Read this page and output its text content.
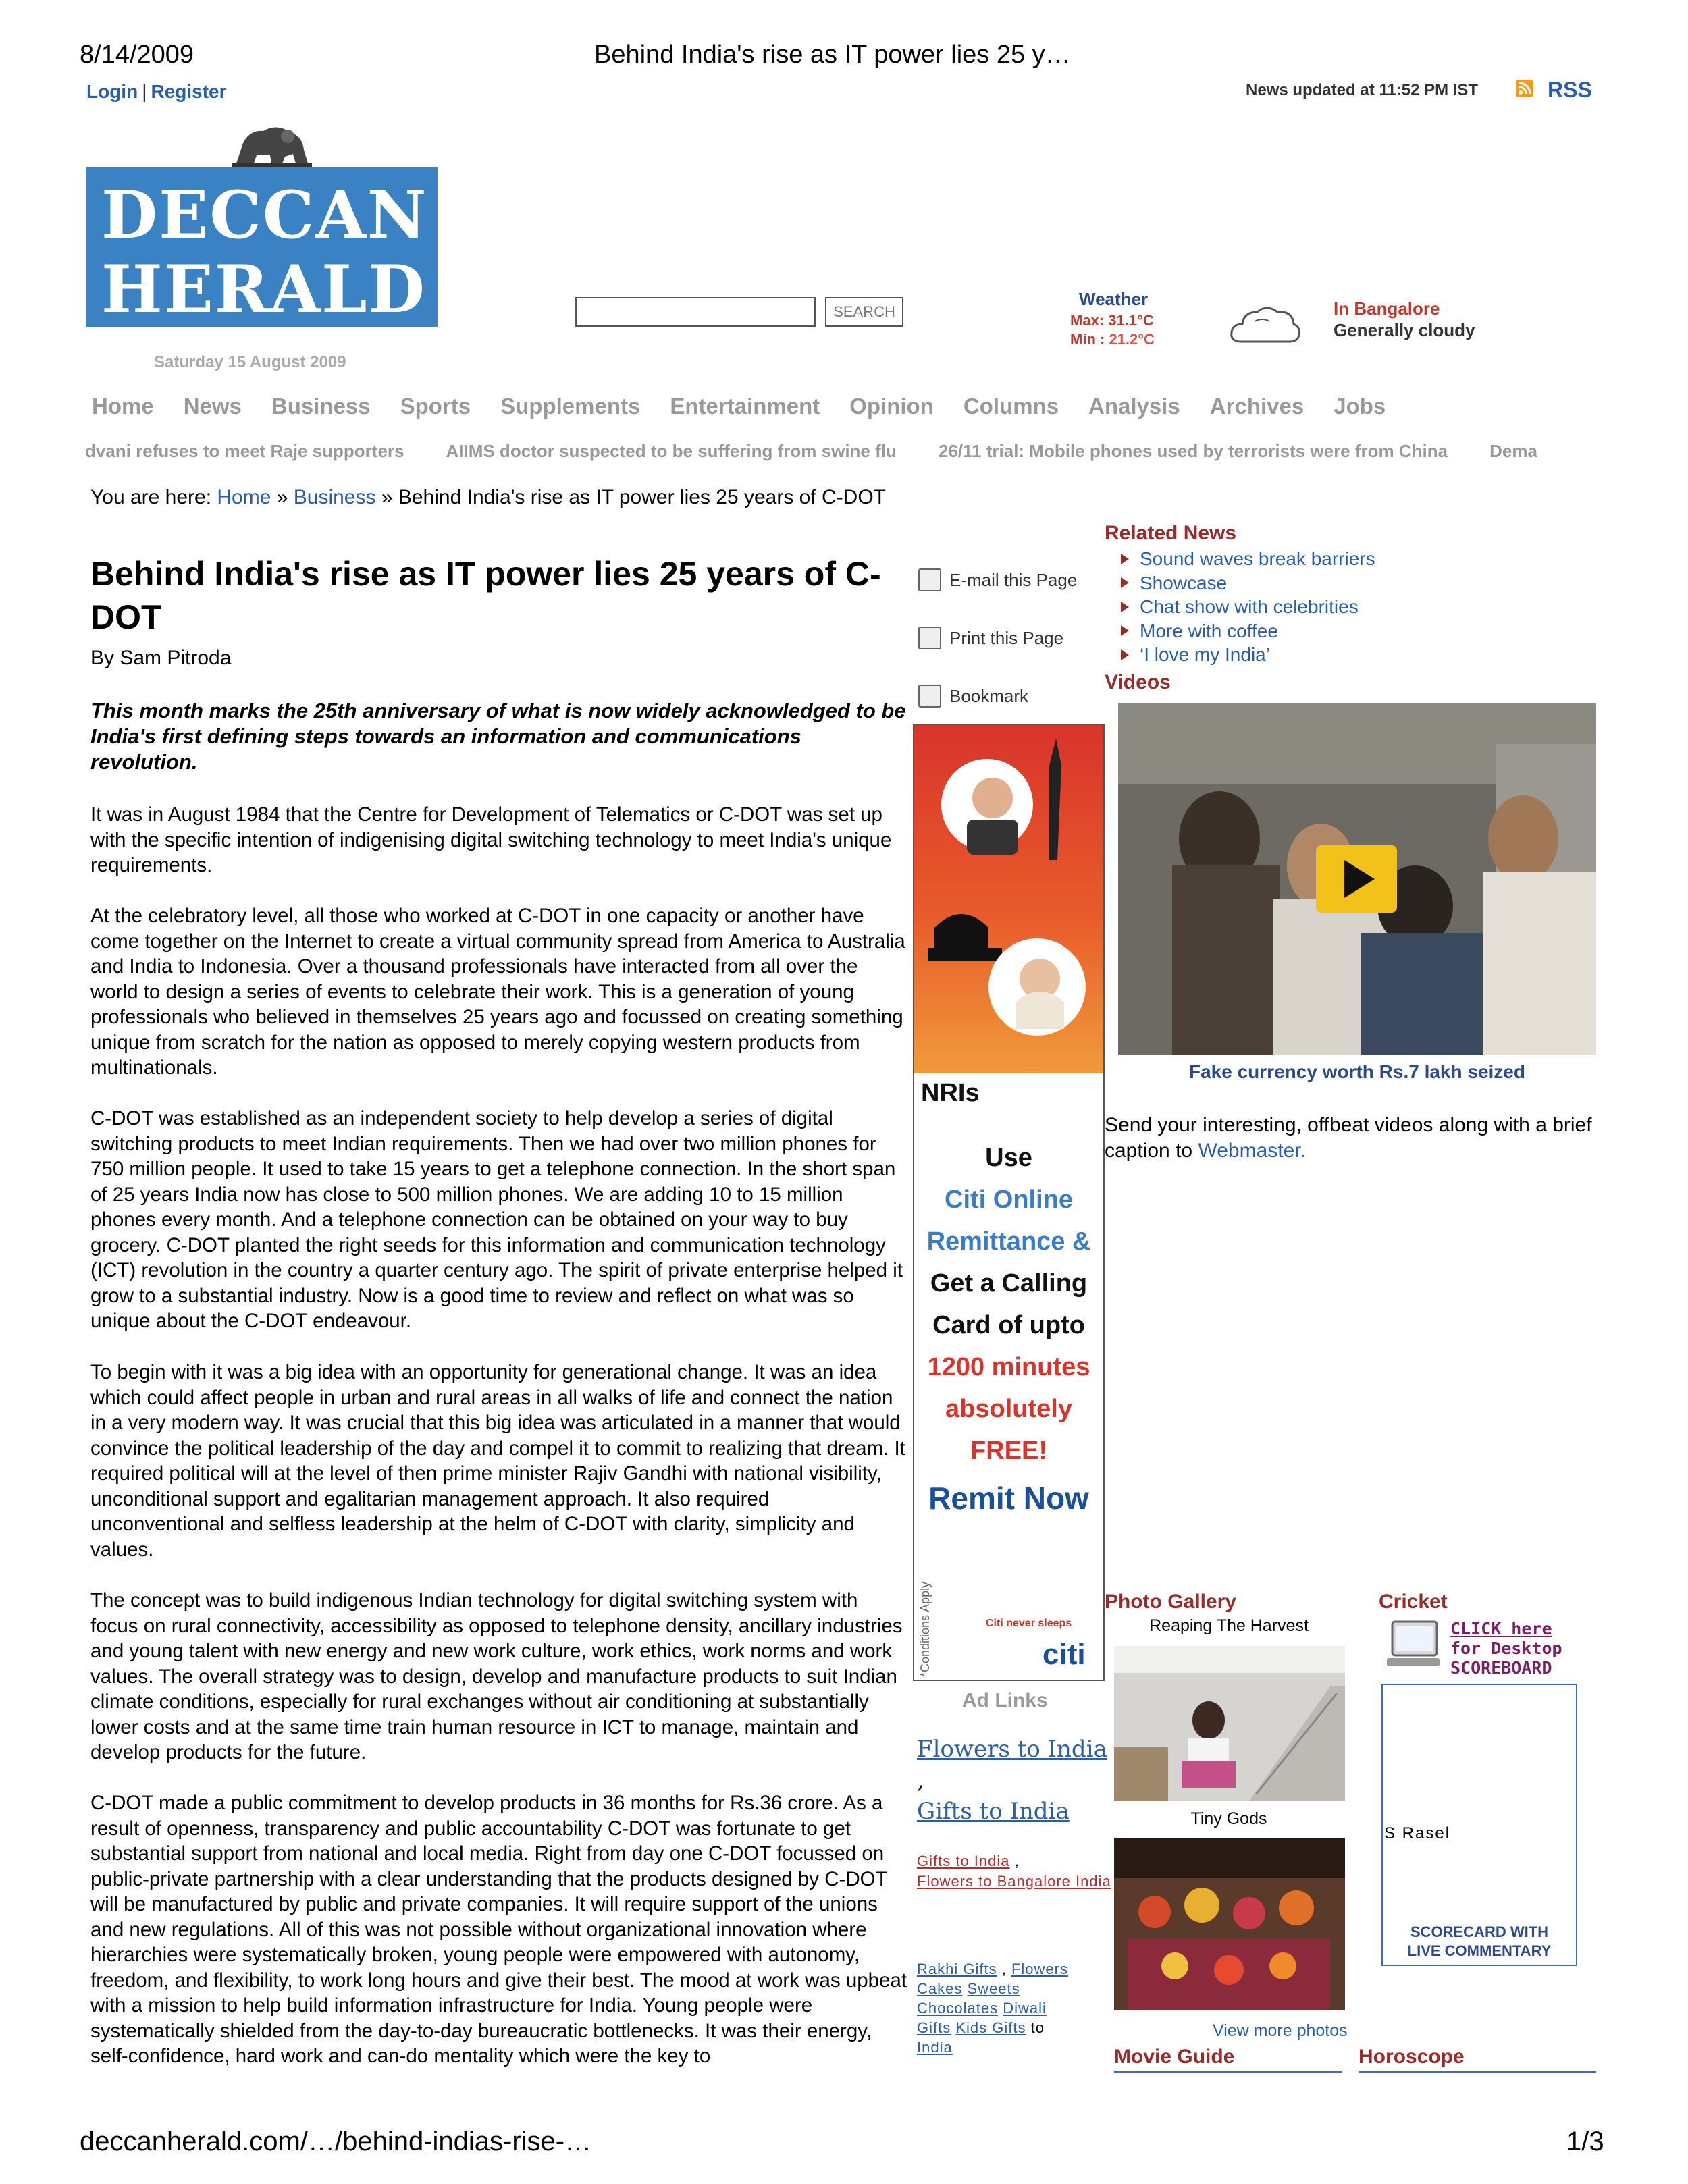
8/14/2009	Behind India's rise as IT power lies 25 y…
Login | Register	News updated at 11:52 PM IST	RSS
DECCAN
HERALD
Saturday 15 August 2009
SEARCH
Weather
Max: 31.1°C
Min : 21.2°C
In Bangalore
Generally cloudy
Home News Business Sports Supplements Entertainment Opinion Columns Analysis Archives Jobs
dvani refuses to meet Raje supporters AIIMS doctor suspected to be suffering from swine flu 26/11 trial: Mobile phones used by terrorists were from China Dema
You are here: Home » Business » Behind India's rise as IT power lies 25 years of C-DOT
Behind India's rise as IT power lies 25 years of C-DOT
By Sam Pitroda
This month marks the 25th anniversary of what is now widely acknowledged to be India's first defining steps towards an information and communications revolution.
It was in August 1984 that the Centre for Development of Telematics or C-DOT was set up with the specific intention of indigenising digital switching technology to meet India's unique requirements.
At the celebratory level, all those who worked at C-DOT in one capacity or another have come together on the Internet to create a virtual community spread from America to Australia and India to Indonesia. Over a thousand professionals have interacted from all over the world to design a series of events to celebrate their work. This is a generation of young professionals who believed in themselves 25 years ago and focussed on creating something unique from scratch for the nation as opposed to merely copying western products from multinationals.
C-DOT was established as an independent society to help develop a series of digital switching products to meet Indian requirements. Then we had over two million phones for 750 million people. It used to take 15 years to get a telephone connection. In the short span of 25 years India now has close to 500 million phones. We are adding 10 to 15 million phones every month. And a telephone connection can be obtained on your way to buy grocery. C-DOT planted the right seeds for this information and communication technology (ICT) revolution in the country a quarter century ago. The spirit of private enterprise helped it grow to a substantial industry. Now is a good time to review and reflect on what was so unique about the C-DOT endeavour.
To begin with it was a big idea with an opportunity for generational change. It was an idea which could affect people in urban and rural areas in all walks of life and connect the nation in a very modern way. It was crucial that this big idea was articulated in a manner that would convince the political leadership of the day and compel it to commit to realizing that dream. It required political will at the level of then prime minister Rajiv Gandhi with national visibility, unconditional support and egalitarian management approach. It also required unconventional and selfless leadership at the helm of C-DOT with clarity, simplicity and values.
The concept was to build indigenous Indian technology for digital switching system with focus on rural connectivity, accessibility as opposed to telephone density, ancillary industries and young talent with new energy and new work culture, work ethics, work norms and work values. The overall strategy was to design, develop and manufacture products to suit Indian climate conditions, especially for rural exchanges without air conditioning at substantially lower costs and at the same time train human resource in ICT to manage, maintain and develop products for the future.
C-DOT made a public commitment to develop products in 36 months for Rs.36 crore. As a result of openness, transparency and public accountability C-DOT was fortunate to get substantial support from national and local media. Right from day one C-DOT focussed on public-private partnership with a clear understanding that the products designed by C-DOT will be manufactured by public and private companies. It will require support of the unions and new regulations. All of this was not possible without organizational innovation where hierarchies were systematically broken, young people were empowered with autonomy, freedom, and flexibility, to work long hours and give their best. The mood at work was upbeat with a mission to help build information infrastructure for India. Young people were systematically shielded from the day-to-day bureaucratic bottlenecks. It was their energy, self-confidence, hard work and can-do mentality which were the key to
E-mail this Page
Print this Page
Bookmark
NRIs
Use
Citi Online
Remittance &
Get a Calling
Card of upto
1200 minutes
absolutely
FREE!
Remit Now
*Conditions Apply	Citi never sleeps
citi
Ad Links
Flowers to India ,
Gifts to India
Gifts to India ,
Flowers to Bangalore India
Rakhi Gifts , Flowers
Cakes Sweets
Chocolates Diwali
Gifts Kids Gifts to
India
Related News
Sound waves break barriers
Showcase
Chat show with celebrities
More with coffee
‘I love my India’
Videos
Fake currency worth Rs.7 lakh seized
Send your interesting, offbeat videos along with a brief caption to Webmaster.
Photo Gallery
Reaping The Harvest
Tiny Gods
View more photos
Cricket
CLICK here
for Desktop
SCOREBOARD
S Rasel
SCORECARD WITH
LIVE COMMENTARY
Movie Guide	Horoscope
deccanherald.com/…/behind-indias-rise-…	1/3
